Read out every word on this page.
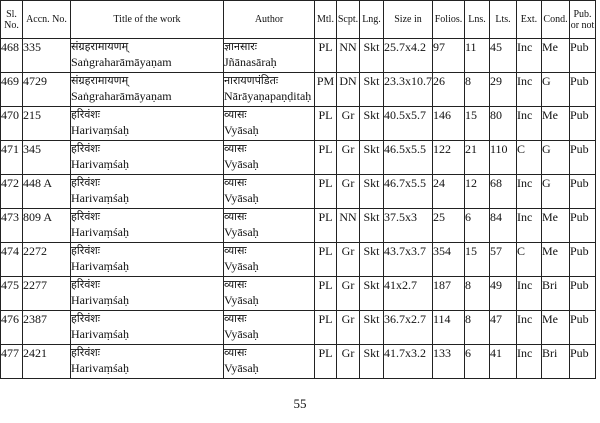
Sl. No.	Accn. No.	Title of the work	Author	Mtl.	Scpt.	Lng.	Size in	Folios.	Lns.	Lts.	Ext.	Cond.	Pub. or not
468	335	संग्रहरामायणम्
Saṅgraharāmāyaṇam	ज्ञानसारः
Jñānasāraḥ	PL	NN	Skt	25.7x4.2	97	11	45	Inc	Me	Pub
469	4729	संग्रहरामायणम्
Saṅgraharāmāyaṇam	नारायणपंडितः
Nārāyaṇapaṇḍitaḥ	PM	DN	Skt	23.3x10.7	26	8	29	Inc	G	Pub
470	215	हरिवंशः
Harivaṃśaḥ	व्यासः
Vyāsaḥ	PL	Gr	Skt	40.5x5.7	146	15	80	Inc	Me	Pub
471	345	हरिवंशः
Harivaṃśaḥ	व्यासः
Vyāsaḥ	PL	Gr	Skt	46.5x5.5	122	21	110	C	G	Pub
472	448 A	हरिवंशः
Harivaṃśaḥ	व्यासः
Vyāsaḥ	PL	Gr	Skt	46.7x5.5	24	12	68	Inc	G	Pub
473	809 A	हरिवंशः
Harivaṃśaḥ	व्यासः
Vyāsaḥ	PL	NN	Skt	37.5x3	25	6	84	Inc	Me	Pub
474	2272	हरिवंशः
Harivaṃśaḥ	व्यासः
Vyāsaḥ	PL	Gr	Skt	43.7x3.7	354	15	57	C	Me	Pub
475	2277	हरिवंशः
Harivaṃśaḥ	व्यासः
Vyāsaḥ	PL	Gr	Skt	41x2.7	187	8	49	Inc	Bri	Pub
476	2387	हरिवंशः
Harivaṃśaḥ	व्यासः
Vyāsaḥ	PL	Gr	Skt	36.7x2.7	114	8	47	Inc	Me	Pub
477	2421	हरिवंशः
Harivaṃśaḥ	व्यासः
Vyāsaḥ	PL	Gr	Skt	41.7x3.2	133	6	41	Inc	Bri	Pub
55
